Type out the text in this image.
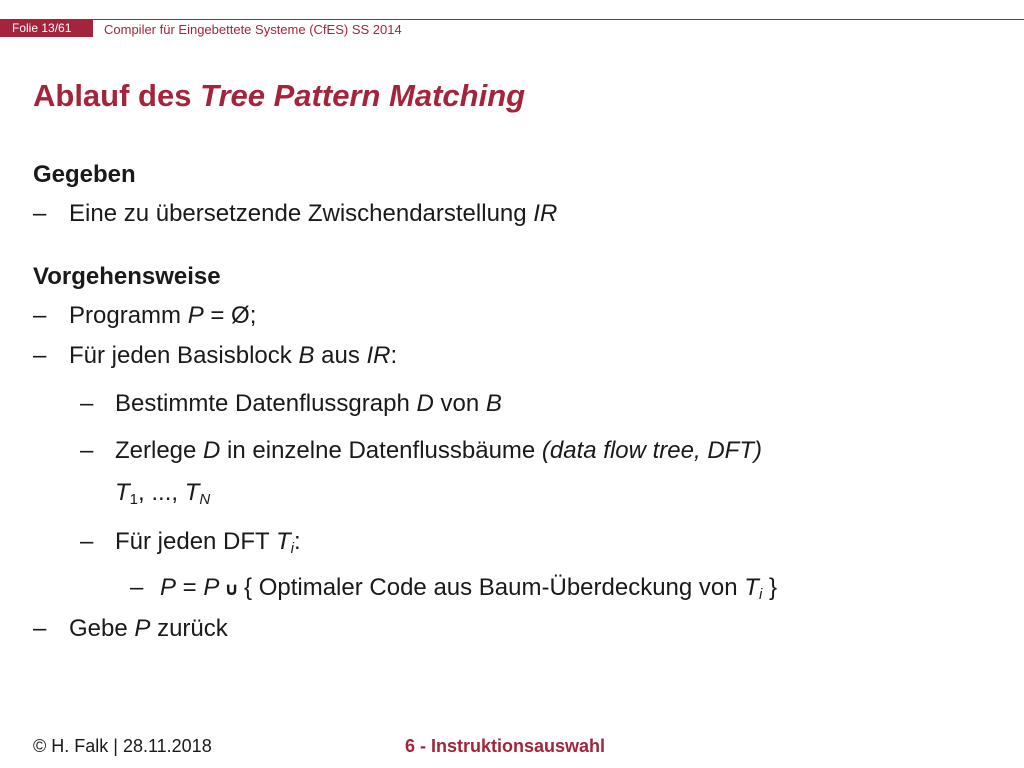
Folie 13/61	Compiler für Eingebettete Systeme (CfES) SS 2014
Ablauf des Tree Pattern Matching
Gegeben
– Eine zu übersetzende Zwischendarstellung IR
Vorgehensweise
– Programm P = Ø;
– Für jeden Basisblock B aus IR:
– Bestimmte Datenflussgraph D von B
– Zerlege D in einzelne Datenflussbäume (data flow tree, DFT)
$T_1$, ..., $T_N$
– Für jeden DFT $T_i$:
– P = P ∪ { Optimaler Code aus Baum-Überdeckung von $T_i$ }
– Gebe P zurück
© H. Falk | 28.11.2018	6 - Instruktionsauswahl
